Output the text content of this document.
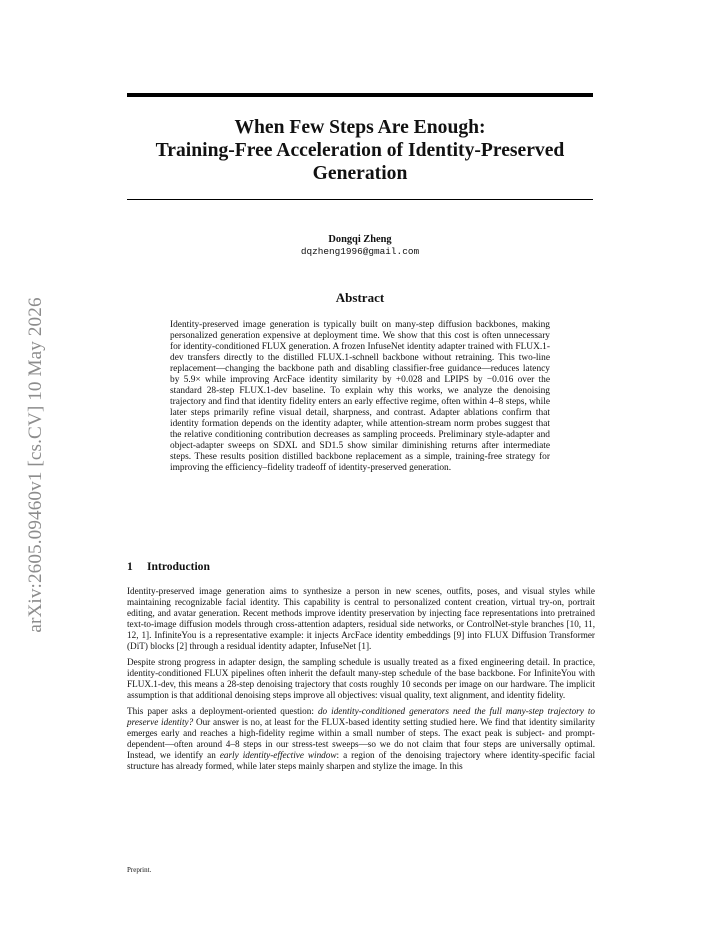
arXiv:2605.09460v1 [cs.CV] 10 May 2026
When Few Steps Are Enough:
Training-Free Acceleration of Identity-Preserved
Generation
Dongqi Zheng
dqzheng1996@gmail.com
Abstract
Identity-preserved image generation is typically built on many-step diffusion backbones, making personalized generation expensive at deployment time. We show that this cost is often unnecessary for identity-conditioned FLUX generation. A frozen InfuseNet identity adapter trained with FLUX.1-dev transfers directly to the distilled FLUX.1-schnell backbone without retraining. This two-line replacement—changing the backbone path and disabling classifier-free guidance—reduces latency by 5.9× while improving ArcFace identity similarity by +0.028 and LPIPS by −0.016 over the standard 28-step FLUX.1-dev baseline. To explain why this works, we analyze the denoising trajectory and find that identity fidelity enters an early effective regime, often within 4–8 steps, while later steps primarily refine visual detail, sharpness, and contrast. Adapter ablations confirm that identity formation depends on the identity adapter, while attention-stream norm probes suggest that the relative conditioning contribution decreases as sampling proceeds. Preliminary style-adapter and object-adapter sweeps on SDXL and SD1.5 show similar diminishing returns after intermediate steps. These results position distilled backbone replacement as a simple, training-free strategy for improving the efficiency–fidelity tradeoff of identity-preserved generation.
1 Introduction

Identity-preserved image generation aims to synthesize a person in new scenes, outfits, poses, and visual styles while maintaining recognizable facial identity. This capability is central to personalized content creation, virtual try-on, portrait editing, and avatar generation. Recent methods improve identity preservation by injecting face representations into pretrained text-to-image diffusion models through cross-attention adapters, residual side networks, or ControlNet-style branches [10, 11, 12, 1]. InfiniteYou is a representative example: it injects ArcFace identity embeddings [9] into FLUX Diffusion Transformer (DiT) blocks [2] through a residual identity adapter, InfuseNet [1].

Despite strong progress in adapter design, the sampling schedule is usually treated as a fixed engineering detail. In practice, identity-conditioned FLUX pipelines often inherit the default many-step schedule of the base backbone. For InfiniteYou with FLUX.1-dev, this means a 28-step denoising trajectory that costs roughly 10 seconds per image on our hardware. The implicit assumption is that additional denoising steps improve all objectives: visual quality, text alignment, and identity fidelity.

This paper asks a deployment-oriented question: do identity-conditioned generators need the full many-step trajectory to preserve identity? Our answer is no, at least for the FLUX-based identity setting studied here. We find that identity similarity emerges early and reaches a high-fidelity regime within a small number of steps. The exact peak is subject- and prompt-dependent—often around 4–8 steps in our stress-test sweeps—so we do not claim that four steps are universally optimal. Instead, we identify an early identity-effective window: a region of the denoising trajectory where identity-specific facial structure has already formed, while later steps mainly sharpen and stylize the image. In this

Preprint.
